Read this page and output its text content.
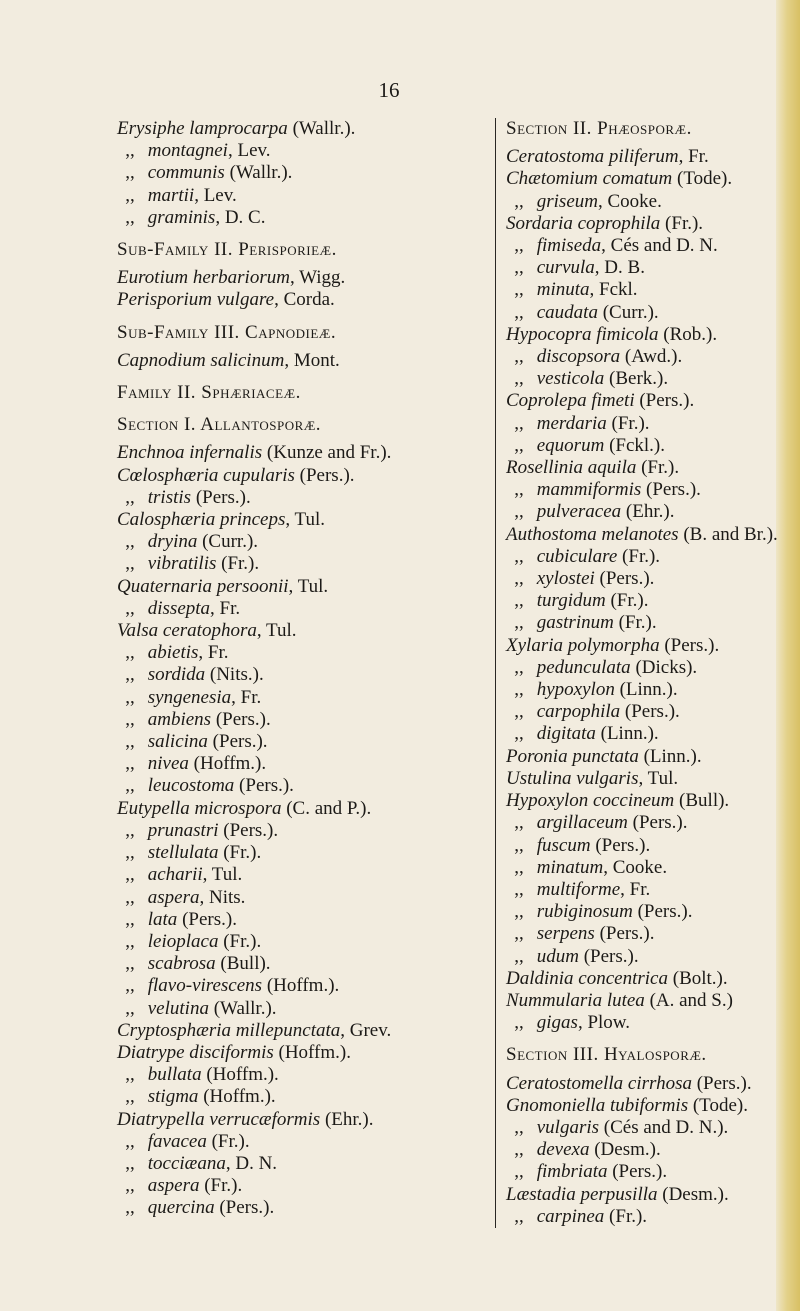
16
Erysiphe lamprocarpa (Wallr.).
,, montagnei, Lev.
,, communis (Wallr.).
,, martii, Lev.
,, graminis, D. C.
Sub-Family II. Perisporieæ.
Eurotium herbariorum, Wigg.
Perisporium vulgare, Corda.
Sub-Family III. Capnodieæ.
Capnodium salicinum, Mont.
Family II. Sphæriaceæ.
Section I. Allantosporæ.
Enchnoa infernalis (Kunze and Fr.).
Cœlosphæria cupularis (Pers.).
,, tristis (Pers.).
Calosphæria princeps, Tul.
,, dryina (Curr.).
,, vibratilis (Fr.).
Quaternaria persoonii, Tul.
,, dissepta, Fr.
Valsa ceratophora, Tul.
,, abietis, Fr.
,, sordida (Nits.).
,, syngenesia, Fr.
,, ambiens (Pers.).
,, salicina (Pers.).
,, nivea (Hoffm.).
,, leucostoma (Pers.).
Eutypella microspora (C. and P.).
,, prunastri (Pers.).
,, stellulata (Fr.).
,, acharii, Tul.
,, aspera, Nits.
,, lata (Pers.).
,, leioplaca (Fr.).
,, scabrosa (Bull).
,, flavo-virescens (Hoffm.).
,, velutina (Wallr.).
Cryptosphæria millepunctata, Grev.
Diatrype disciformis (Hoffm.).
,, bullata (Hoffm.).
,, stigma (Hoffm.).
Diatrypella verrucæformis (Ehr.).
,, favacea (Fr.).
,, tocciæana, D. N.
,, aspera (Fr.).
,, quercina (Pers.).
Section II. Phæosporæ.
Ceratostoma piliferum, Fr.
Chætomium comatum (Tode).
,, griseum, Cooke.
Sordaria coprophila (Fr.).
,, fimiseda, Cés and D. N.
,, curvula, D. B.
,, minuta, Fckl.
,, caudata (Curr.).
Hypocopra fimicola (Rob.).
,, discopsora (Awd.).
,, vesticola (Berk.).
Coprolepa fimeti (Pers.).
,, merdaria (Fr.).
,, equorum (Fckl.).
Rosellinia aquila (Fr.).
,, mammiformis (Pers.).
,, pulveracea (Ehr.).
Authostoma melanotes (B. and Br.).
,, cubiculare (Fr.).
,, xylostei (Pers.).
,, turgidum (Fr.).
,, gastrinum (Fr.).
Xylaria polymorpha (Pers.).
,, pedunculata (Dicks).
,, hypoxylon (Linn.).
,, carpophila (Pers.).
,, digitata (Linn.).
Poronia punctata (Linn.).
Ustulina vulgaris, Tul.
Hypoxylon coccineum (Bull).
,, argillaceum (Pers.).
,, fuscum (Pers.).
,, minatum, Cooke.
,, multiforme, Fr.
,, rubiginosum (Pers.).
,, serpens (Pers.).
,, udum (Pers.).
Daldinia concentrica (Bolt.).
Nummularia lutea (A. and S.)
,, gigas, Plow.
Section III. Hyalosporæ.
Ceratostomella cirrhosa (Pers.).
Gnomoniella tubiformis (Tode).
,, vulgaris (Cés and D. N.).
,, devexa (Desm.).
,, fimbriata (Pers.).
Læstadia perpusilla (Desm.).
,, carpinea (Fr.).
